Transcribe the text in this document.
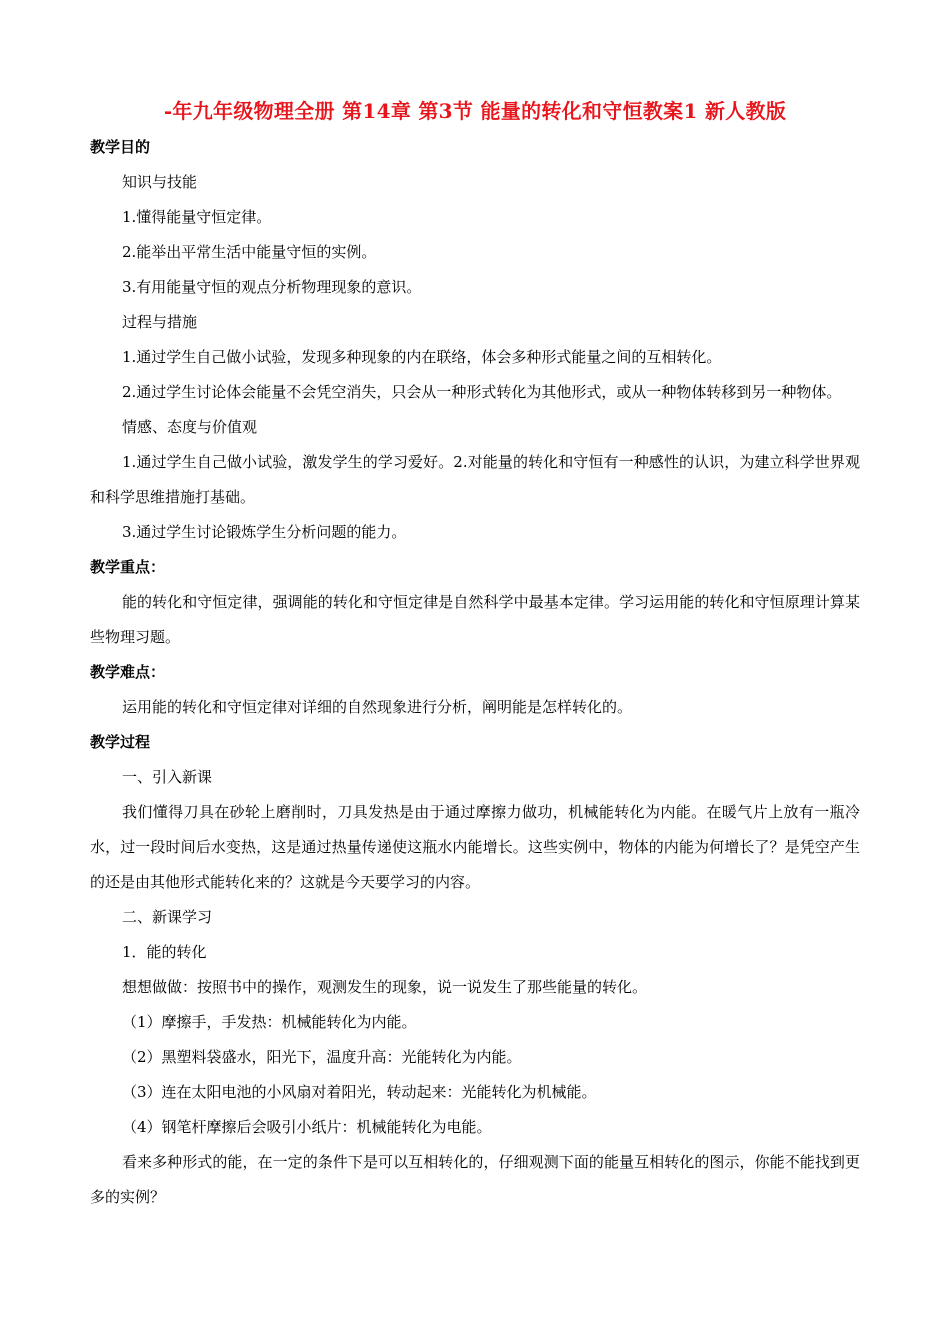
-年九年级物理全册 第14章 第3节 能量的转化和守恒教案1 新人教版

教学目的

知识与技能

1.懂得能量守恒定律。

2.能举出平常生活中能量守恒的实例。

3.有用能量守恒的观点分析物理现象的意识。

过程与措施

1.通过学生自己做小试验，发现多种现象的内在联络，体会多种形式能量之间的互相转化。

2.通过学生讨论体会能量不会凭空消失，只会从一种形式转化为其他形式，或从一种物体转移到另一种物体。

情感、态度与价值观

1.通过学生自己做小试验，激发学生的学习爱好。2.对能量的转化和守恒有一种感性的认识，为建立科学世界观和科学思维措施打基础。

3.通过学生讨论锻炼学生分析问题的能力。

教学重点：

能的转化和守恒定律，强调能的转化和守恒定律是自然科学中最基本定律。学习运用能的转化和守恒原理计算某些物理习题。

教学难点：

运用能的转化和守恒定律对详细的自然现象进行分析，阐明能是怎样转化的。

教学过程

一、引入新课

我们懂得刀具在砂轮上磨削时，刀具发热是由于通过摩擦力做功，机械能转化为内能。在暖气片上放有一瓶冷水，过一段时间后水变热，这是通过热量传递使这瓶水内能增长。这些实例中，物体的内能为何增长了？是凭空产生的还是由其他形式能转化来的？这就是今天要学习的内容。

二、新课学习

1．能的转化

想想做做：按照书中的操作，观测发生的现象，说一说发生了那些能量的转化。

（1）摩擦手，手发热：机械能转化为内能。

（2）黑塑料袋盛水，阳光下，温度升高：光能转化为内能。

（3）连在太阳电池的小风扇对着阳光，转动起来：光能转化为机械能。

（4）钢笔杆摩擦后会吸引小纸片：机械能转化为电能。

看来多种形式的能，在一定的条件下是可以互相转化的，仔细观测下面的能量互相转化的图示，你能不能找到更多的实例？
